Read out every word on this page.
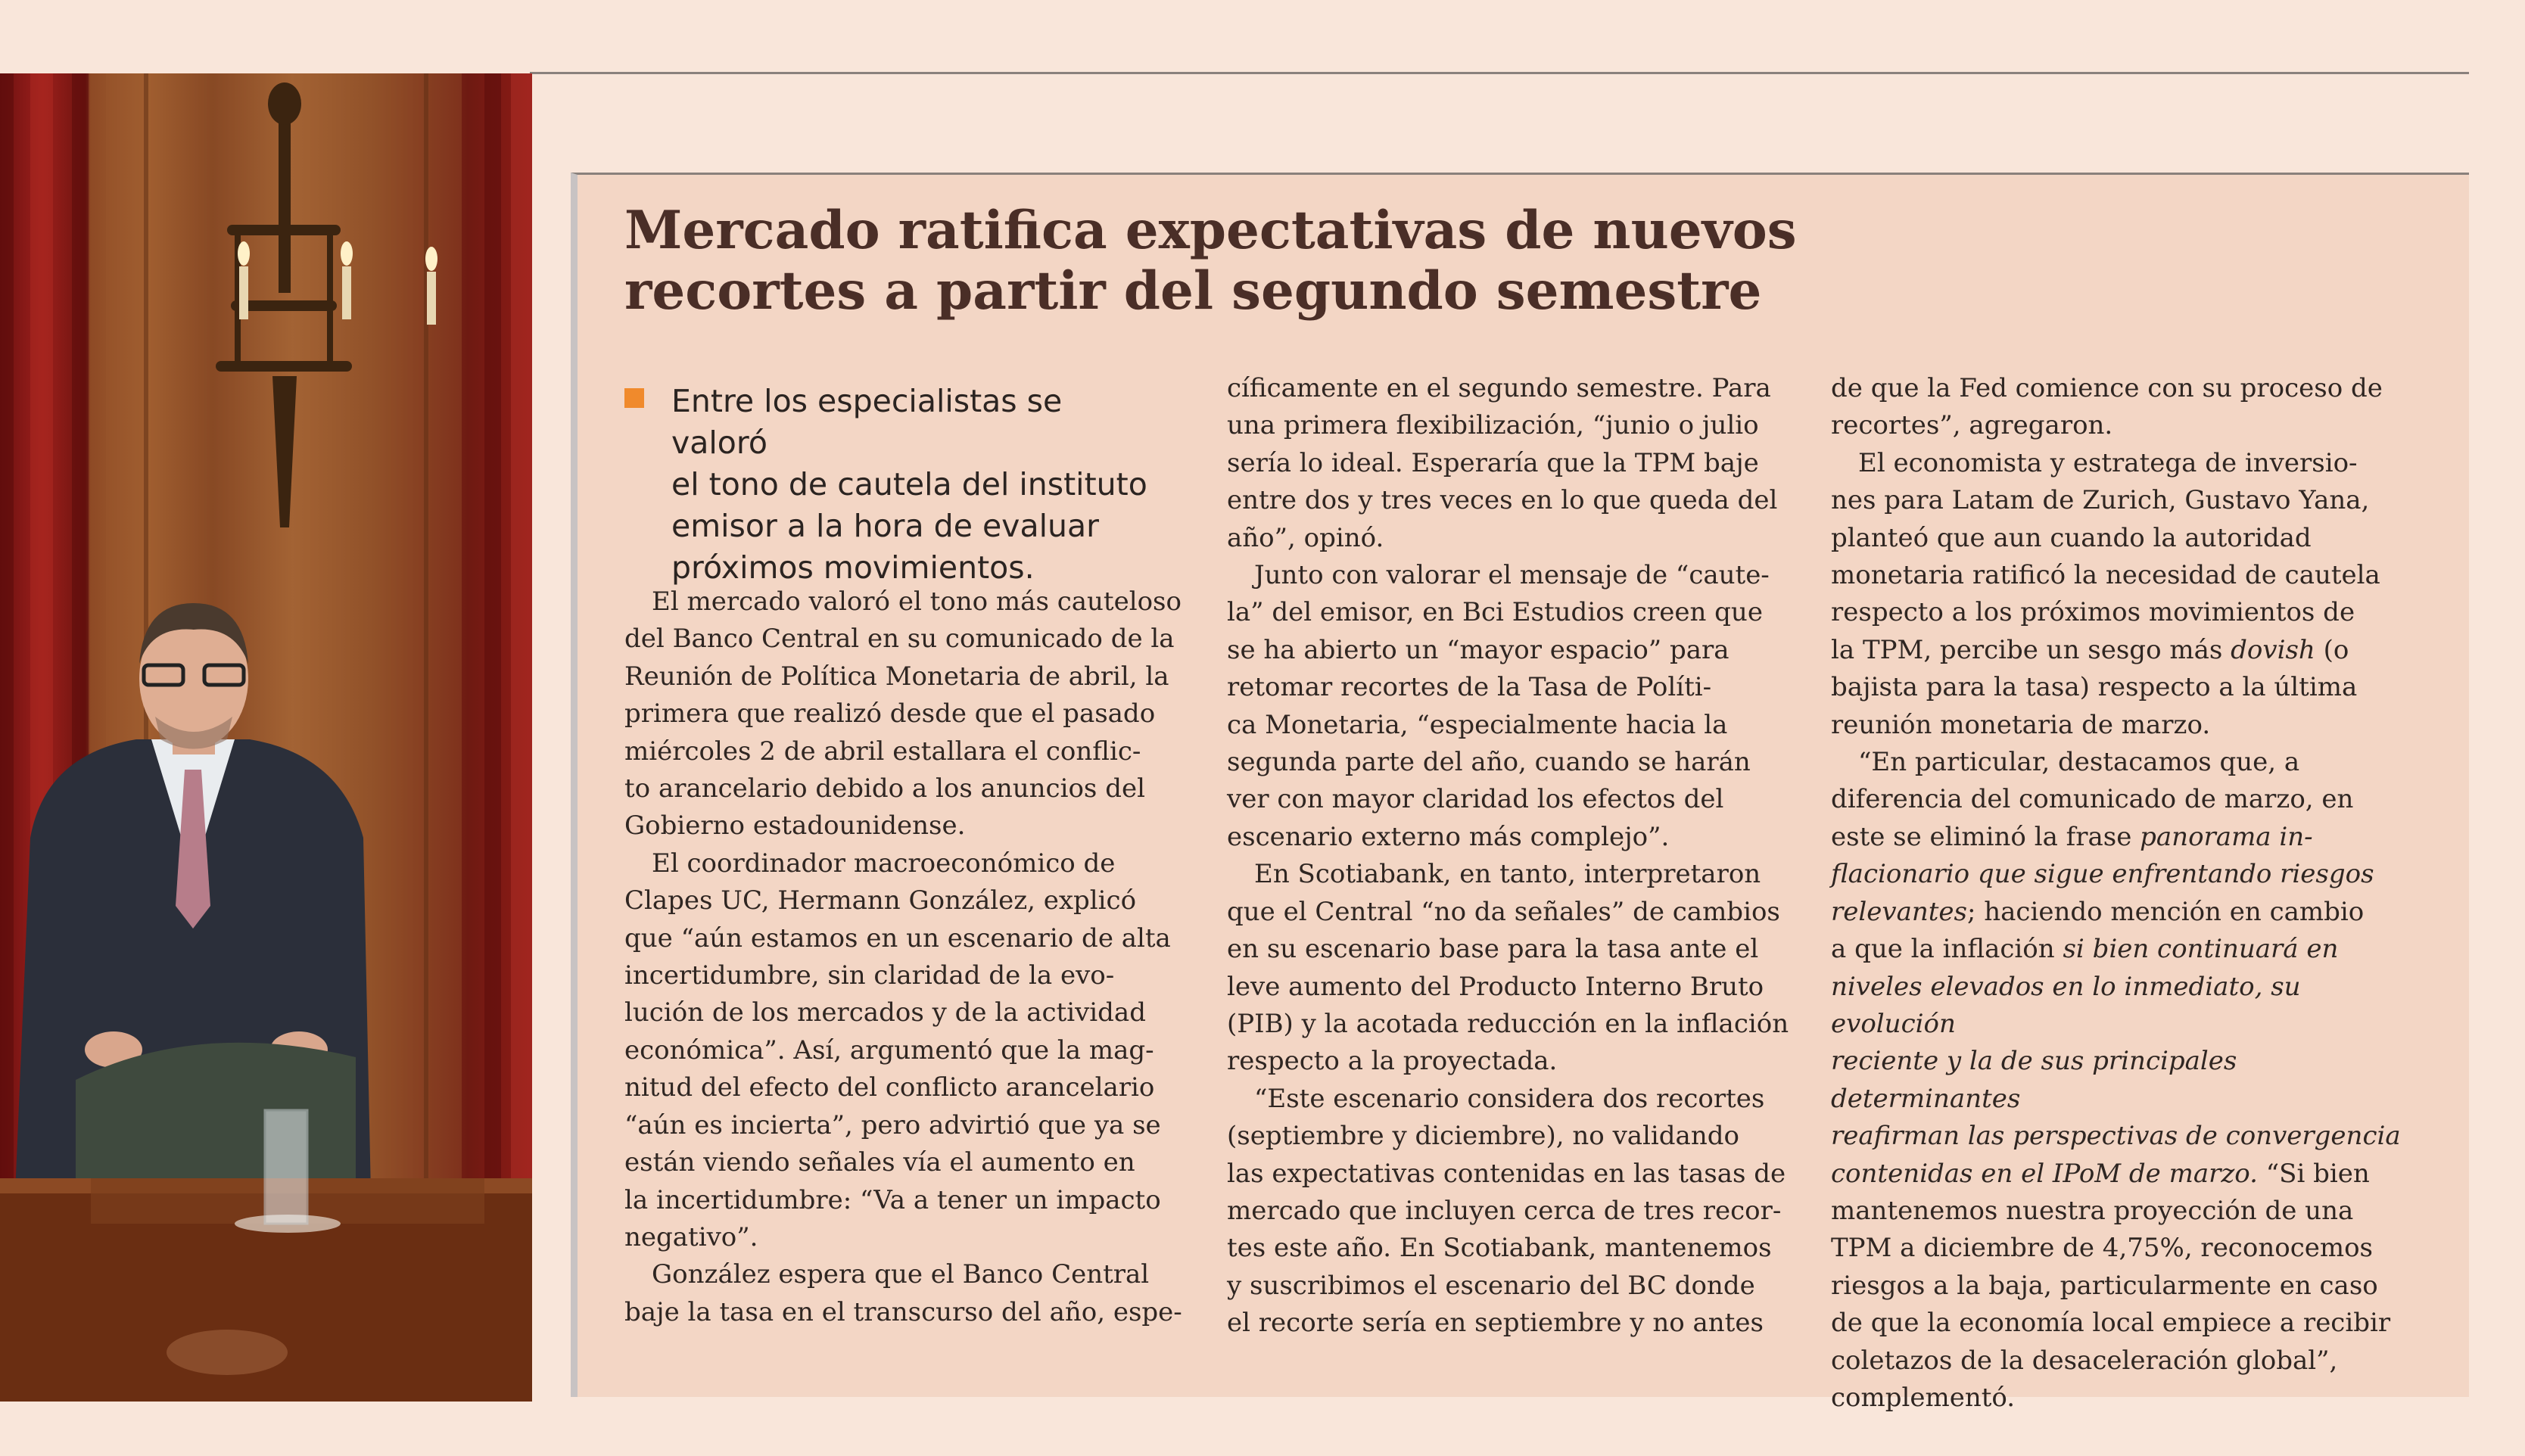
Mercado ratifica expectativas de nuevos
recortes a partir del segundo semestre

Entre los especialistas se valoró
el tono de cautela del instituto
emisor a la hora de evaluar
próximos movimientos.

El mercado valoró el tono más cauteloso
del Banco Central en su comunicado de la
Reunión de Política Monetaria de abril, la
primera que realizó desde que el pasado
miércoles 2 de abril estallara el conflic-
to arancelario debido a los anuncios del
Gobierno estadounidense.

El coordinador macroeconómico de
Clapes UC, Hermann González, explicó
que “aún estamos en un escenario de alta
incertidumbre, sin claridad de la evo-
lución de los mercados y de la actividad
económica”. Así, argumentó que la mag-
nitud del efecto del conflicto arancelario
“aún es incierta”, pero advirtió que ya se
están viendo señales vía el aumento en
la incertidumbre: “Va a tener un impacto
negativo”.

González espera que el Banco Central
baje la tasa en el transcurso del año, espe-

cíficamente en el segundo semestre. Para
una primera flexibilización, “junio o julio
sería lo ideal. Esperaría que la TPM baje
entre dos y tres veces en lo que queda del
año”, opinó.

Junto con valorar el mensaje de “caute-
la” del emisor, en Bci Estudios creen que
se ha abierto un “mayor espacio” para
retomar recortes de la Tasa de Políti-
ca Monetaria, “especialmente hacia la
segunda parte del año, cuando se harán
ver con mayor claridad los efectos del
escenario externo más complejo”.

En Scotiabank, en tanto, interpretaron
que el Central “no da señales” de cambios
en su escenario base para la tasa ante el
leve aumento del Producto Interno Bruto
(PIB) y la acotada reducción en la inflación
respecto a la proyectada.

“Este escenario considera dos recortes
(septiembre y diciembre), no validando
las expectativas contenidas en las tasas de
mercado que incluyen cerca de tres recor-
tes este año. En Scotiabank, mantenemos
y suscribimos el escenario del BC donde
el recorte sería en septiembre y no antes

de que la Fed comience con su proceso de
recortes”, agregaron.

El economista y estratega de inversio-
nes para Latam de Zurich, Gustavo Yana,
planteó que aun cuando la autoridad
monetaria ratificó la necesidad de cautela
respecto a los próximos movimientos de
la TPM, percibe un sesgo más dovish (o
bajista para la tasa) respecto a la última
reunión monetaria de marzo.

“En particular, destacamos que, a
diferencia del comunicado de marzo, en
este se eliminó la frase panorama in-
flacionario que sigue enfrentando riesgos
relevantes; haciendo mención en cambio
a que la inflación si bien continuará en
niveles elevados en lo inmediato, su evolución
reciente y la de sus principales determinantes
reafirman las perspectivas de convergencia
contenidas en el IPoM de marzo. “Si bien
mantenemos nuestra proyección de una
TPM a diciembre de 4,75%, reconocemos
riesgos a la baja, particularmente en caso
de que la economía local empiece a recibir
coletazos de la desaceleración global”,
complementó.
